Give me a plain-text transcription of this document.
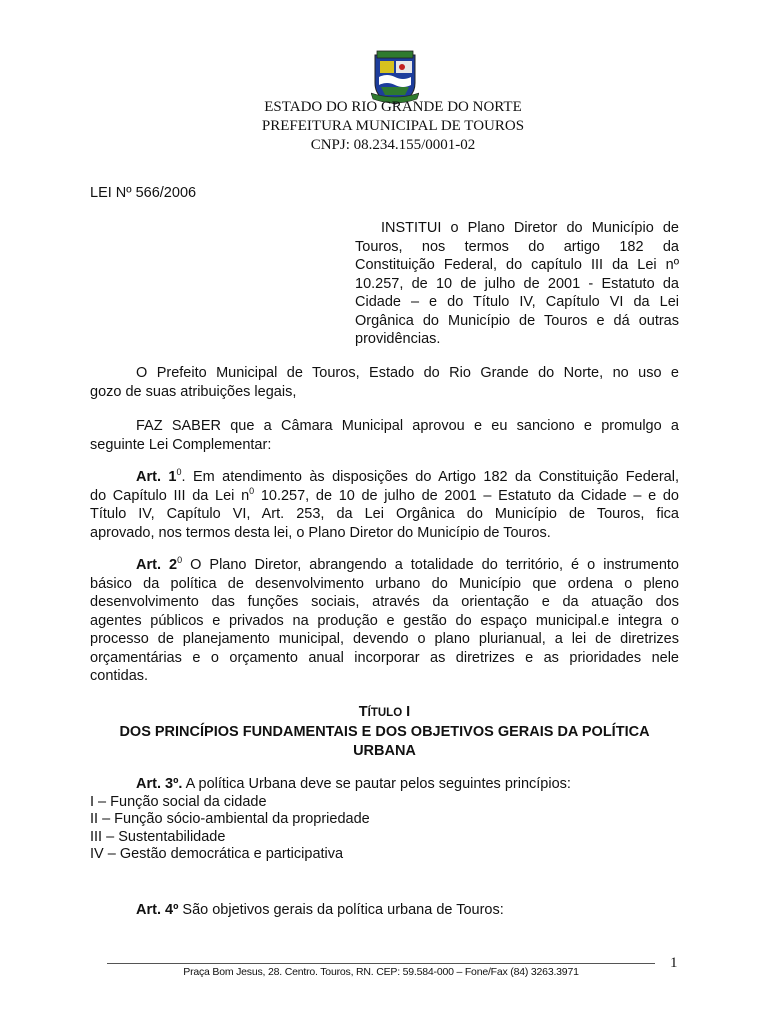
ESTADO DO RIO GRANDE DO NORTE
PREFEITURA MUNICIPAL DE TOUROS
CNPJ: 08.234.155/0001-02
LEI Nº 566/2006
INSTITUI o Plano Diretor do Município de
Touros, nos termos do artigo 182 da
Constituição Federal, do capítulo III da Lei nº
10.257, de 10 de julho de 2001 - Estatuto da
Cidade – e do Título IV, Capítulo VI da Lei
Orgânica do Município de Touros e dá outras
providências.
O Prefeito Municipal de Touros, Estado do Rio Grande do Norte, no uso e
gozo de suas atribuições legais,
FAZ SABER que a Câmara Municipal aprovou e eu sanciono e promulgo a
seguinte Lei Complementar:
Art. $1^0$. Em atendimento às disposições do Artigo 182 da Constituição Federal,
do Capítulo III da Lei $n^0$ 10.257, de 10 de julho de 2001 – Estatuto da Cidade – e do
Título IV, Capítulo VI, Art. 253, da Lei Orgânica do Município de Touros, fica
aprovado, nos termos desta lei, o Plano Diretor do Município de Touros.
Art. $2^0$ O Plano Diretor, abrangendo a totalidade do território, é o instrumento
básico da política de desenvolvimento urbano do Município que ordena o pleno
desenvolvimento das funções sociais, através da orientação e da atuação dos
agentes públicos e privados na produção e gestão do espaço municipal.e integra o
processo de planejamento municipal, devendo o plano plurianual, a lei de diretrizes
orçamentárias e o orçamento anual incorporar as diretrizes e as prioridades nele
contidas.
TÍTULO I
DOS PRINCÍPIOS FUNDAMENTAIS E DOS OBJETIVOS GERAIS DA POLÍTICA
URBANA
Art. 3º. A política Urbana deve se pautar pelos seguintes princípios:
I – Função social da cidade
II – Função sócio-ambiental da propriedade
III – Sustentabilidade
IV – Gestão democrática e participativa
Art. 4º São objetivos gerais da política urbana de Touros:
1
Praça Bom Jesus, 28. Centro. Touros, RN. CEP: 59.584-000 – Fone/Fax (84) 3263.3971
